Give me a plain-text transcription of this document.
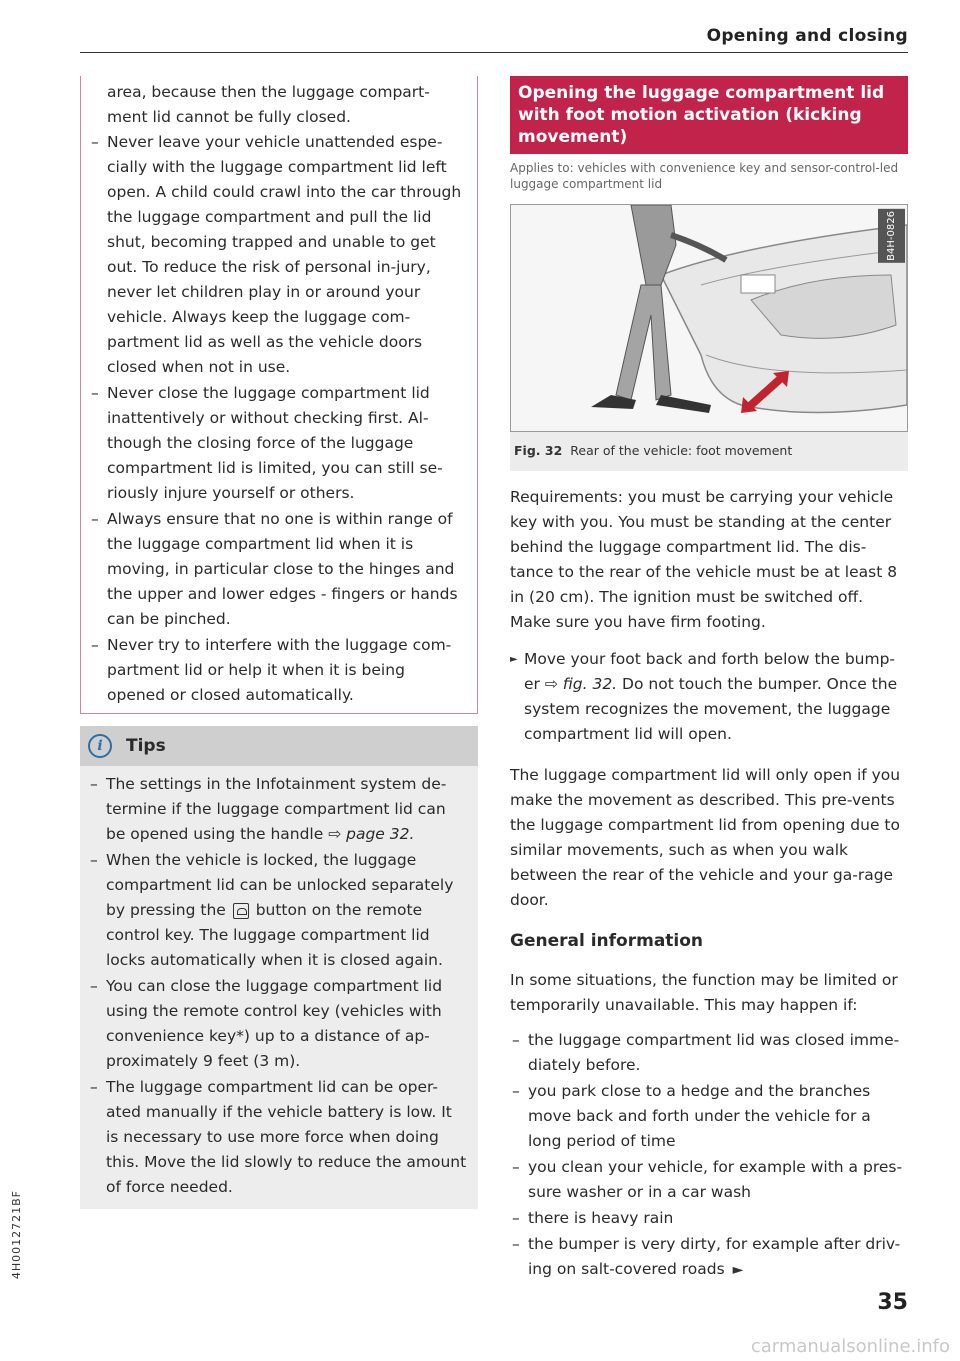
Opening and closing

area, because then the luggage compart-ment lid cannot be fully closed.

– Never leave your vehicle unattended espe-cially with the luggage compartment lid left open. A child could crawl into the car through the luggage compartment and pull the lid shut, becoming trapped and unable to get out. To reduce the risk of personal in-jury, never let children play in or around your vehicle. Always keep the luggage com-partment lid as well as the vehicle doors closed when not in use.
– Never close the luggage compartment lid inattentively or without checking first. Al-though the closing force of the luggage compartment lid is limited, you can still se-riously injure yourself or others.
– Always ensure that no one is within range of the luggage compartment lid when it is moving, in particular close to the hinges and the upper and lower edges - fingers or hands can be pinched.
– Never try to interfere with the luggage com-partment lid or help it when it is being opened or closed automatically.
i	Tips
– The settings in the Infotainment system de-termine if the luggage compartment lid can be opened using the handle ⇨ page 32.
– When the vehicle is locked, the luggage compartment lid can be unlocked separately by pressing the  button on the remote control key. The luggage compartment lid locks automatically when it is closed again.
– You can close the luggage compartment lid using the remote control key (vehicles with convenience key*) up to a distance of ap-proximately 9 feet (3 m).
– The luggage compartment lid can be oper-ated manually if the vehicle battery is low. It is necessary to use more force when doing this. Move the lid slowly to reduce the amount of force needed.
Opening the luggage compartment lid with foot motion activation (kicking movement)
Applies to: vehicles with convenience key and sensor-control-led luggage compartment lid
B4H-0826
Fig. 32 Rear of the vehicle: foot movement

Requirements: you must be carrying your vehicle key with you. You must be standing at the center behind the luggage compartment lid. The dis-tance to the rear of the vehicle must be at least 8 in (20 cm). The ignition must be switched off. Make sure you have firm footing.

► Move your foot back and forth below the bump-er ⇨ fig. 32. Do not touch the bumper. Once the system recognizes the movement, the luggage compartment lid will open.

The luggage compartment lid will only open if you make the movement as described. This pre-vents the luggage compartment lid from opening due to similar movements, such as when you walk between the rear of the vehicle and your ga-rage door.

General information

In some situations, the function may be limited or temporarily unavailable. This may happen if:

– the luggage compartment lid was closed imme-diately before.
– you park close to a hedge and the branches move back and forth under the vehicle for a long period of time
– you clean your vehicle, for example with a pres-sure washer or in a car wash
– there is heavy rain
– the bumper is very dirty, for example after driv-ing on salt-covered roads ►
35
4H0012721BF
carmanualsonline.info
